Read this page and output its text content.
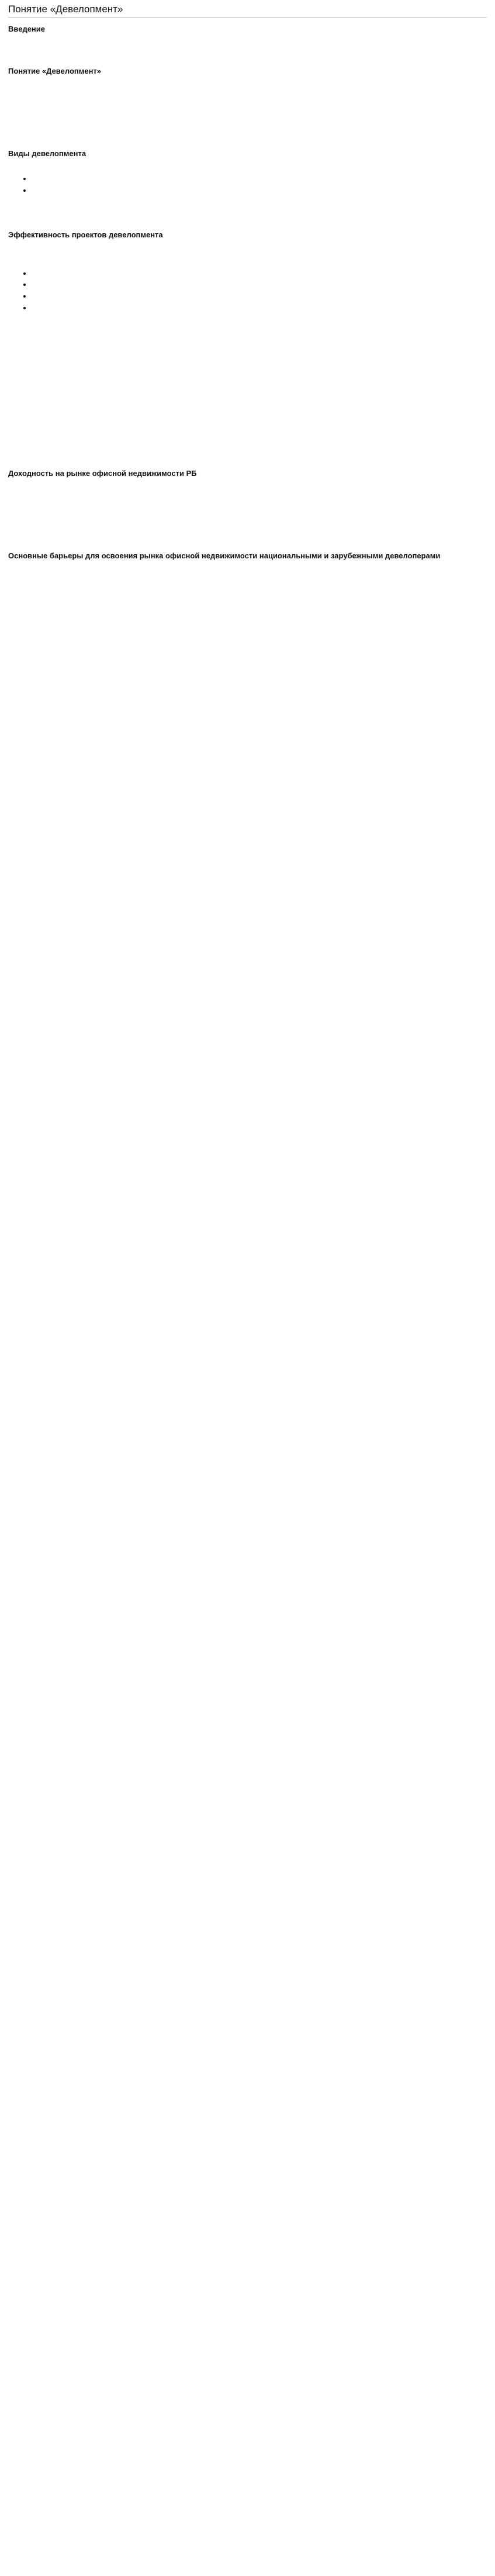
Понятие «Девелопмент»
Введение

Понятие «Девелопмент»

Виды девелопмента

•
•

Эффективность проектов девелопмента

•
•
•
•

Доходность на рынке офисной недвижимости РБ

Основные барьеры для освоения рынка офисной недвижимости национальными и зарубежными девелоперами
